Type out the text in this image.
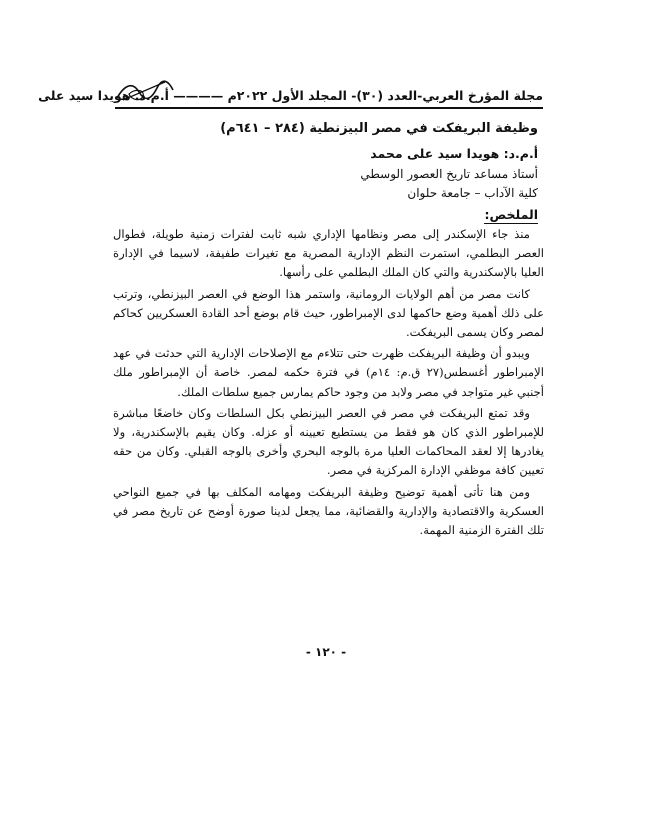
مجلة المؤرخ العربي-العدد (٣٠)- المجلد الأول ٢٠٢٢م ———— أ.م.د. هويدا سيد على
وظيفة البريفكت في مصر البيزنطية (٢٨٤ – ٦٤١م)
أ.م.د: هويدا سيد على محمد
أستاذ مساعد تاريخ العصور الوسطي
كلية الآداب – جامعة حلوان
الملخص:

منذ جاء الإسكندر إلى مصر ونظامها الإداري شبه ثابت لفترات زمنية طويلة، فطوال العصر البطلمي، استمرت النظم الإدارية المصرية مع تغيرات طفيفة، لاسيما في الإدارة العليا بالإسكندرية والتي كان الملك البطلمي على رأسها.

كانت مصر من أهم الولايات الرومانية، واستمر هذا الوضع في العصر البيزنطي، وترتب على ذلك أهمية وضع حاكمها لدى الإمبراطور، حيث قام بوضع أحد القادة العسكريين كحاكم لمصر وكان يسمى البريفكت.

ويبدو أن وظيفة البريفكت ظهرت حتى تتلاءم مع الإصلاحات الإدارية التي حدثت في عهد الإمبراطور أغسطس(٢٧ ق.م: ١٤م) في فترة حكمه لمصر. خاصة أن الإمبراطور ملك أجنبي غير متواجد في مصر ولابد من وجود حاكم يمارس جميع سلطات الملك.

وقد تمتع البريفكت في مصر في العصر البيزنطي بكل السلطات وكان خاضعًا مباشرة للإمبراطور الذي كان هو فقط من يستطيع تعيينه أو عزله. وكان يقيم بالإسكندرية، ولا يغادرها إلا لعقد المحاكمات العليا مرة بالوجه البحري وأخرى بالوجه القبلي. وكان من حقه تعيين كافة موظفي الإدارة المركزية في مصر.

ومن هنا تأتى أهمية توضيح وظيفة البريفكت ومهامه المكلف بها في جميع النواحي العسكرية والاقتصادية والإدارية والقضائية، مما يجعل لدينا صورة أوضح عن تاريخ مصر في تلك الفترة الزمنية المهمة.

- ١٢٠ -
